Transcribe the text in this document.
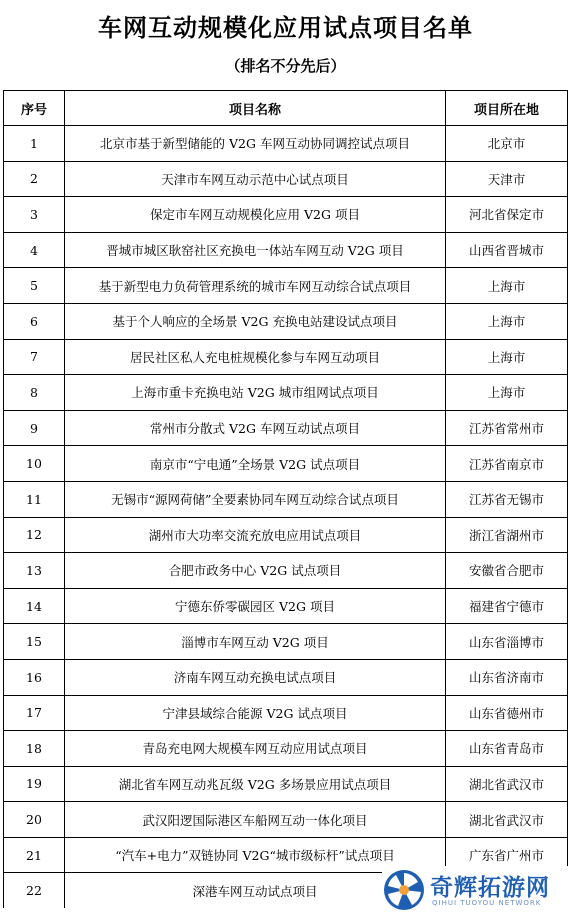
车网互动规模化应用试点项目名单
（排名不分先后）
序号	项目名称	项目所在地
1	北京市基于新型储能的 V2G 车网互动协同调控试点项目	北京市
2	天津市车网互动示范中心试点项目	天津市
3	保定市车网互动规模化应用 V2G 项目	河北省保定市
4	晋城市城区耿窑社区充换电一体站车网互动 V2G 项目	山西省晋城市
5	基于新型电力负荷管理系统的城市车网互动综合试点项目	上海市
6	基于个人响应的全场景 V2G 充换电站建设试点项目	上海市
7	居民社区私人充电桩规模化参与车网互动项目	上海市
8	上海市重卡充换电站 V2G 城市组网试点项目	上海市
9	常州市分散式 V2G 车网互动试点项目	江苏省常州市
10	南京市“宁电通”全场景 V2G 试点项目	江苏省南京市
11	无锡市“源网荷储”全要素协同车网互动综合试点项目	江苏省无锡市
12	湖州市大功率交流充放电应用试点项目	浙江省湖州市
13	合肥市政务中心 V2G 试点项目	安徽省合肥市
14	宁德东侨零碳园区 V2G 项目	福建省宁德市
15	淄博市车网互动 V2G 项目	山东省淄博市
16	济南车网互动充换电试点项目	山东省济南市
17	宁津县域综合能源 V2G 试点项目	山东省德州市
18	青岛充电网大规模车网互动应用试点项目	山东省青岛市
19	湖北省车网互动兆瓦级 V2G 多场景应用试点项目	湖北省武汉市
20	武汉阳逻国际港区车船网互动一体化项目	湖北省武汉市
21	“汽车+电力”双链协同 V2G“城市级标杆”试点项目	广东省广州市
22	深港车网互动试点项目		奇辉拓游网
QIHUI TUOYOU NETWORK
